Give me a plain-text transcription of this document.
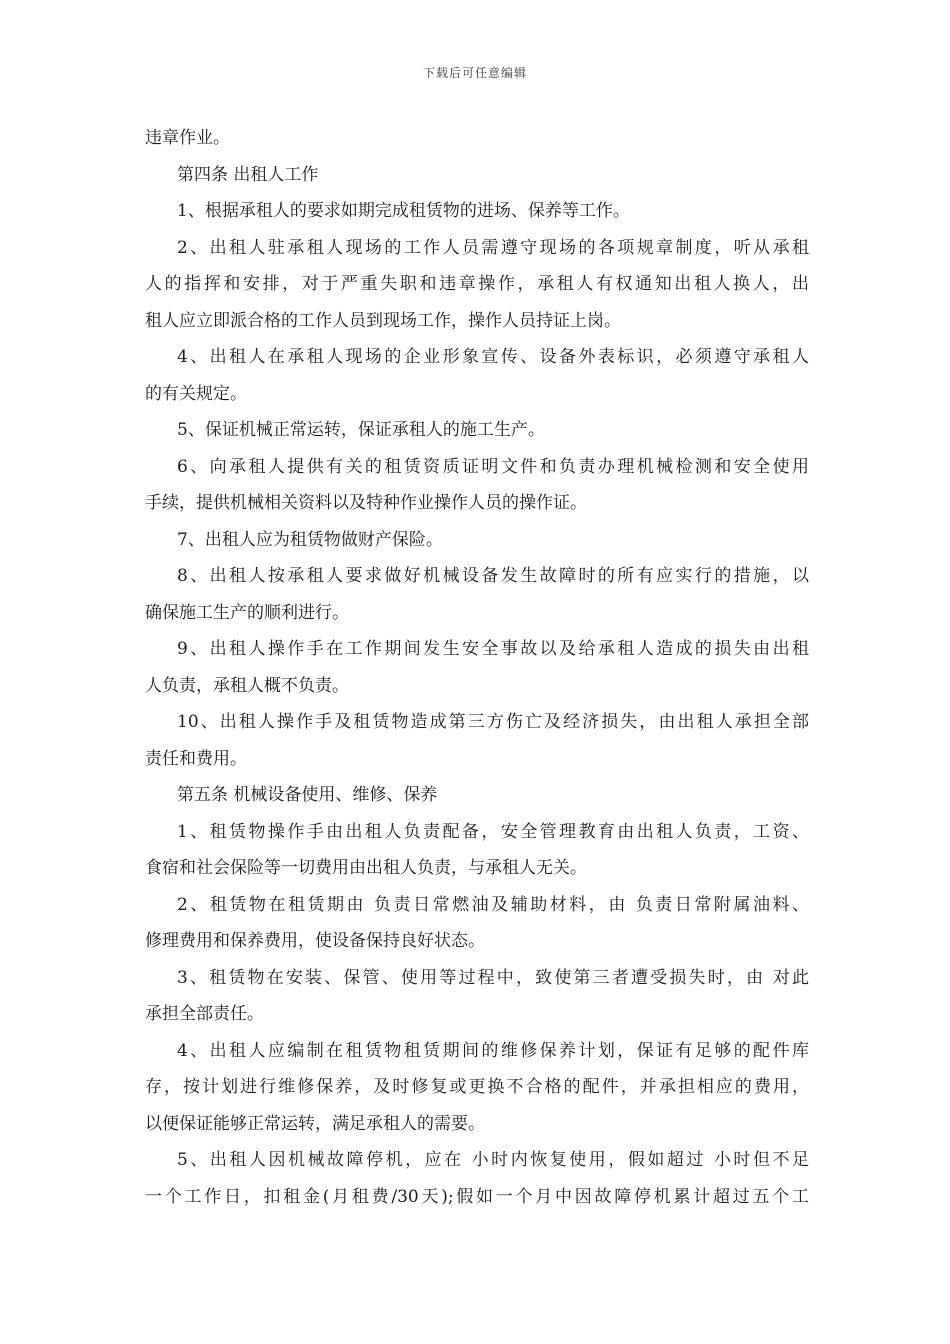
下载后可任意编辑
违章作业。
第四条 出租人工作
1、根据承租人的要求如期完成租赁物的进场、保养等工作。
2、出租人驻承租人现场的工作人员需遵守现场的各项规章制度，听从承租
人的指挥和安排，对于严重失职和违章操作，承租人有权通知出租人换人，出
租人应立即派合格的工作人员到现场工作，操作人员持证上岗。
4、出租人在承租人现场的企业形象宣传、设备外表标识，必须遵守承租人
的有关规定。
5、保证机械正常运转，保证承租人的施工生产。
6、向承租人提供有关的租赁资质证明文件和负责办理机械检测和安全使用
手续，提供机械相关资料以及特种作业操作人员的操作证。
7、出租人应为租赁物做财产保险。
8、出租人按承租人要求做好机械设备发生故障时的所有应实行的措施，以
确保施工生产的顺利进行。
9、出租人操作手在工作期间发生安全事故以及给承租人造成的损失由出租
人负责，承租人概不负责。
10、出租人操作手及租赁物造成第三方伤亡及经济损失，由出租人承担全部
责任和费用。
第五条 机械设备使用、维修、保养
1、租赁物操作手由出租人负责配备，安全管理教育由出租人负责，工资、
食宿和社会保险等一切费用由出租人负责，与承租人无关。
2、租赁物在租赁期由 负责日常燃油及辅助材料，由 负责日常附属油料、
修理费用和保养费用，使设备保持良好状态。
3、租赁物在安装、保管、使用等过程中，致使第三者遭受损失时，由 对此
承担全部责任。
4、出租人应编制在租赁物租赁期间的维修保养计划，保证有足够的配件库
存，按计划进行维修保养，及时修复或更换不合格的配件，并承担相应的费用，
以便保证能够正常运转，满足承租人的需要。
5、出租人因机械故障停机，应在 小时内恢复使用，假如超过 小时但不足
一个工作日，扣租金(月租费/30天);假如一个月中因故障停机累计超过五个工
